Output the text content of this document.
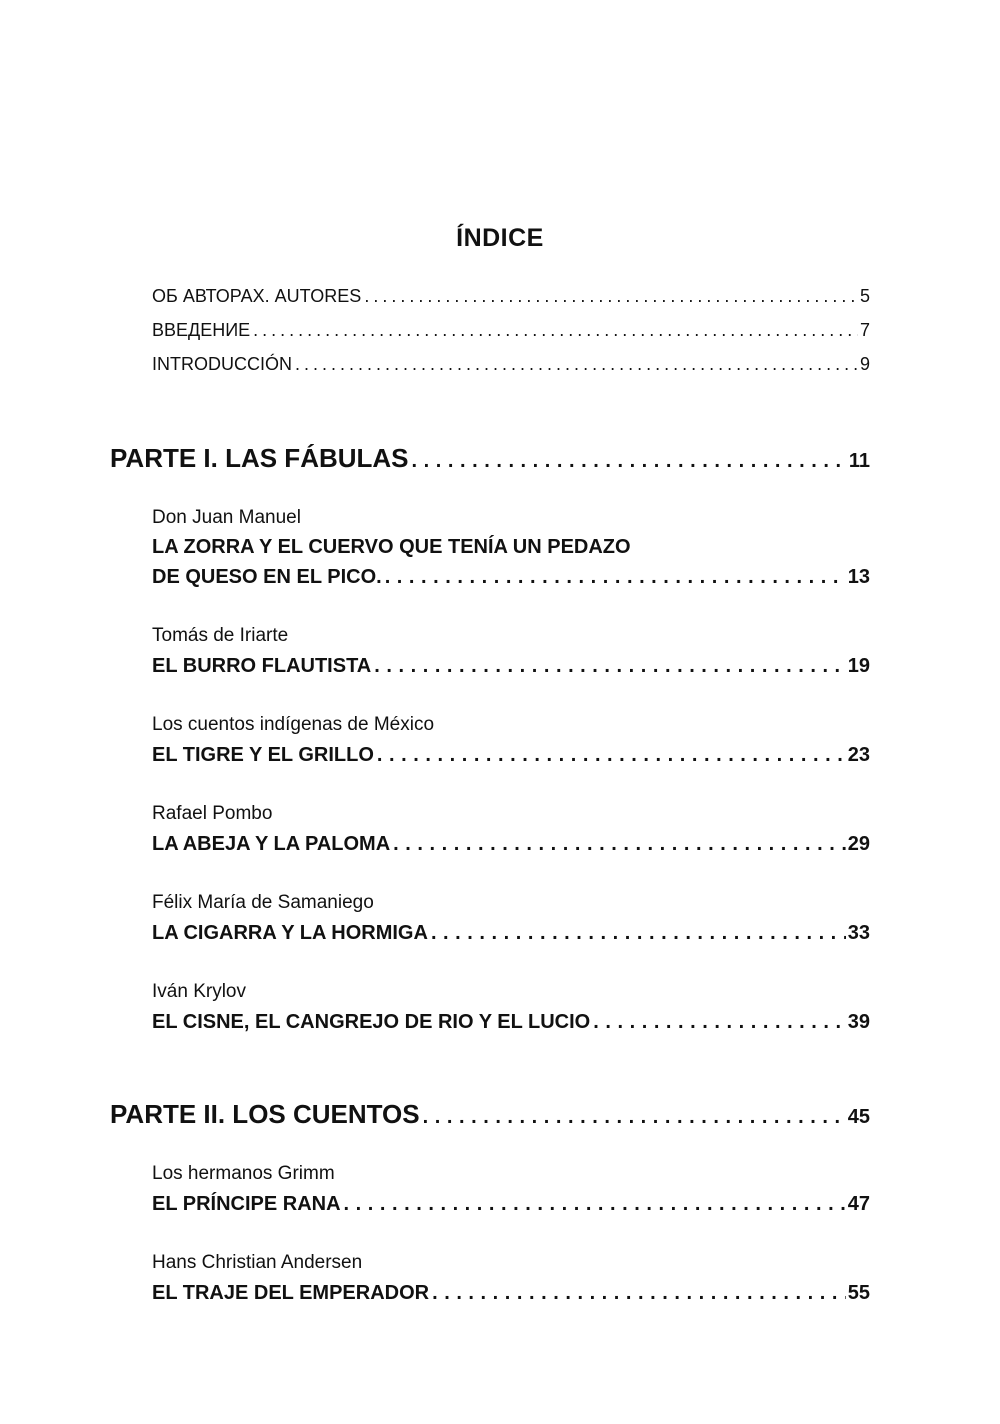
ÍNDICE
ОБ АВТОРАХ. AUTORES . . .	5
ВВЕДЕНИЕ . . .	7
INTRODUCCIÓN . . .	9
PARTE I. LAS FÁBULAS . . .	11
Don Juan Manuel
LA ZORRA Y EL CUERVO QUE TENÍA UN PEDAZO
DE QUESO EN EL PICO. . . .	13
Tomás de Iriarte
EL BURRO FLAUTISTA . . .	19
Los cuentos indígenas de México
EL TIGRE Y EL GRILLO . . .	23
Rafael Pombo
LA ABEJA Y LA PALOMA . . .	29
Félix María de Samaniego
LA CIGARRA Y LA HORMIGA . . .	33
Iván Krylov
EL CISNE, EL CANGREJO DE RIO Y EL LUCIO . . .	39
PARTE II. LOS CUENTOS . . .	45
Los hermanos Grimm
EL PRÍNCIPE RANA . . .	47
Hans Christian Andersen
EL TRAJE DEL EMPERADOR . . .	55
